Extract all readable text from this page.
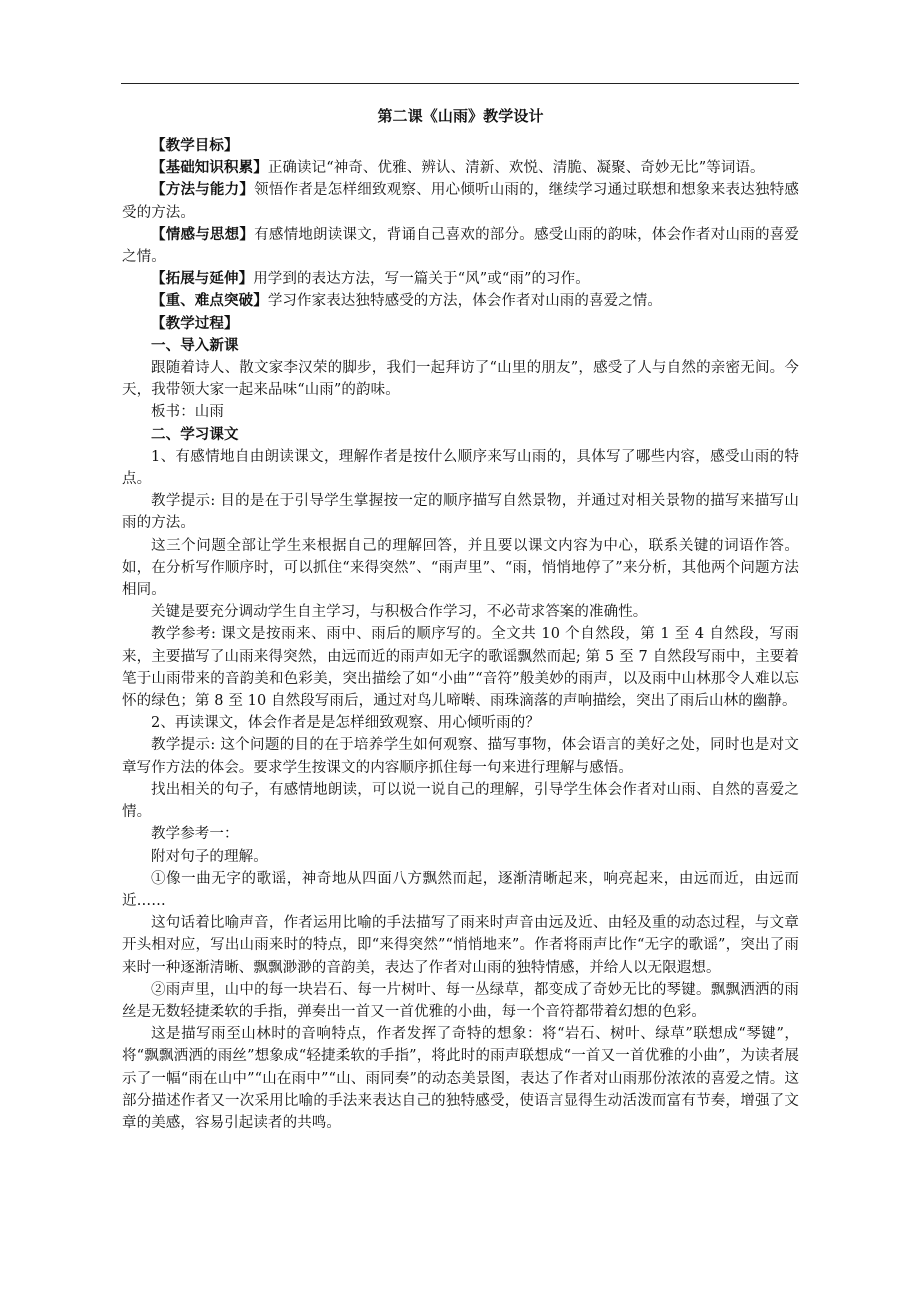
第二课《山雨》教学设计

【教学目标】

【基础知识积累】正确读记“神奇、优雅、辨认、清新、欢悦、清脆、凝聚、奇妙无比”等词语。

【方法与能力】领悟作者是怎样细致观察、用心倾听山雨的，继续学习通过联想和想象来表达独特感受的方法。

【情感与思想】有感情地朗读课文，背诵自己喜欢的部分。感受山雨的韵味，体会作者对山雨的喜爱之情。

【拓展与延伸】用学到的表达方法，写一篇关于“风”或“雨”的习作。

【重、难点突破】学习作家表达独特感受的方法，体会作者对山雨的喜爱之情。

【教学过程】

一、导入新课

跟随着诗人、散文家李汉荣的脚步，我们一起拜访了“山里的朋友”，感受了人与自然的亲密无间。今天，我带领大家一起来品味“山雨”的韵味。

板书：山雨

二、学习课文

1、有感情地自由朗读课文，理解作者是按什么顺序来写山雨的，具体写了哪些内容，感受山雨的特点。

教学提示: 目的是在于引导学生掌握按一定的顺序描写自然景物，并通过对相关景物的描写来描写山雨的方法。

这三个问题全部让学生来根据自己的理解回答，并且要以课文内容为中心，联系关键的词语作答。如，在分析写作顺序时，可以抓住“来得突然”、“雨声里”、“雨，悄悄地停了”来分析，其他两个问题方法相同。

关键是要充分调动学生自主学习，与积极合作学习，不必苛求答案的准确性。

教学参考: 课文是按雨来、雨中、雨后的顺序写的。全文共 10 个自然段，第 1 至 4 自然段，写雨来，主要描写了山雨来得突然，由远而近的雨声如无字的歌谣飘然而起; 第 5 至 7 自然段写雨中，主要着笔于山雨带来的音韵美和色彩美，突出描绘了如“小曲”“音符”般美妙的雨声，以及雨中山林那令人难以忘怀的绿色；第 8 至 10 自然段写雨后，通过对鸟儿啼啭、雨珠滴落的声响描绘，突出了雨后山林的幽静。

2、再读课文，体会作者是是怎样细致观察、用心倾听雨的？

教学提示: 这个问题的目的在于培养学生如何观察、描写事物，体会语言的美好之处，同时也是对文章写作方法的体会。要求学生按课文的内容顺序抓住每一句来进行理解与感悟。

找出相关的句子，有感情地朗读，可以说一说自己的理解，引导学生体会作者对山雨、自然的喜爱之情。

教学参考一：

附对句子的理解。

①像一曲无字的歌谣，神奇地从四面八方飘然而起，逐渐清晰起来，响亮起来，由远而近，由远而近……

这句话着比喻声音，作者运用比喻的手法描写了雨来时声音由远及近、由轻及重的动态过程，与文章开头相对应，写出山雨来时的特点，即“来得突然”“悄悄地来”。作者将雨声比作“无字的歌谣”，突出了雨来时一种逐渐清晰、飘飘渺渺的音韵美，表达了作者对山雨的独特情感，并给人以无限遐想。

②雨声里，山中的每一块岩石、每一片树叶、每一丛绿草，都变成了奇妙无比的琴键。飘飘洒洒的雨丝是无数轻捷柔软的手指，弹奏出一首又一首优雅的小曲，每一个音符都带着幻想的色彩。

这是描写雨至山林时的音响特点，作者发挥了奇特的想象：将“岩石、树叶、绿草”联想成“琴键”，将“飘飘洒洒的雨丝”想象成“轻捷柔软的手指”，将此时的雨声联想成“一首又一首优雅的小曲”，为读者展示了一幅“雨在山中”“山在雨中”“山、雨同奏”的动态美景图，表达了作者对山雨那份浓浓的喜爱之情。这部分描述作者又一次采用比喻的手法来表达自己的独特感受，使语言显得生动活泼而富有节奏，增强了文章的美感，容易引起读者的共鸣。
